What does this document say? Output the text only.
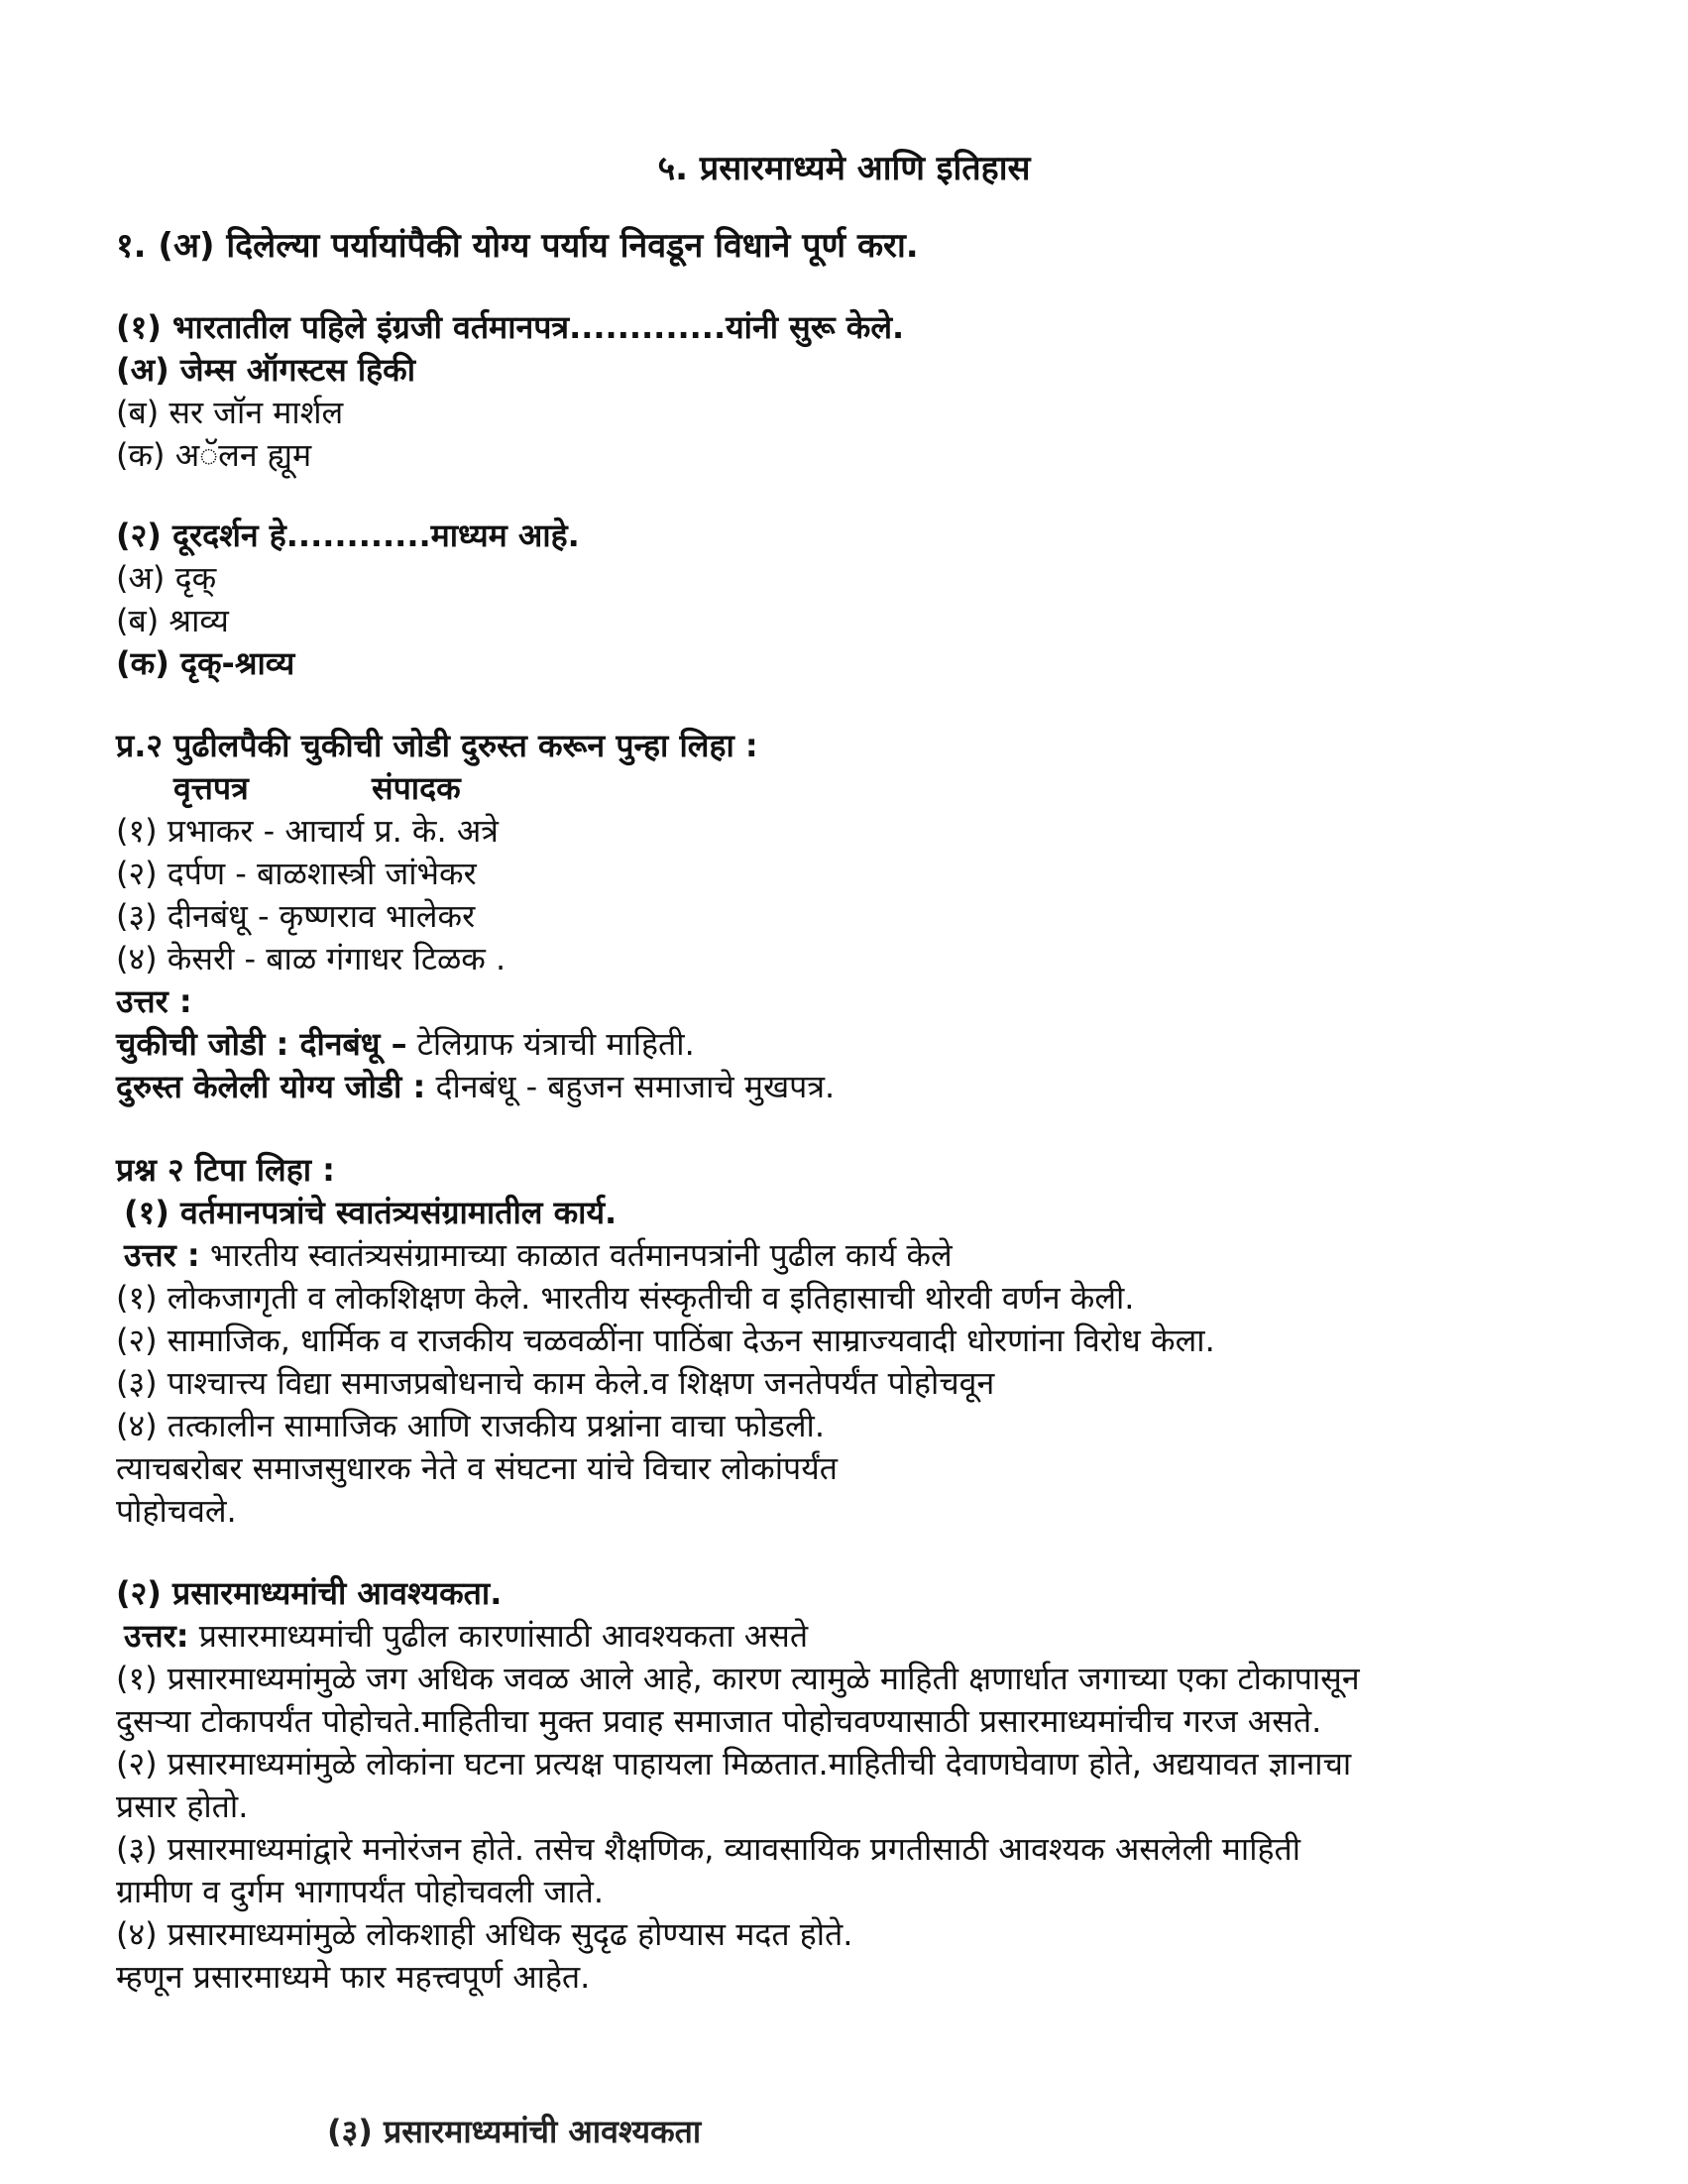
५. प्रसारमाध्यमे आणि इतिहास

१. (अ) दिलेल्या पर्यायांपैकी योग्य पर्याय निवडून विधाने पूर्ण करा.

(१) भारतातील पहिले इंग्रजी वर्तमानपत्र.............यांनी सुरू केले.

(अ) जेम्स ऑगस्टस हिकी

(ब) सर जॉन मार्शल

(क) अॅलन ह्यूम

(२) दूरदर्शन हे............माध्यम आहे.

(अ) दृक्

(ब) श्राव्य

(क) दृक्-श्राव्य

प्र.२ पुढीलपैकी चुकीची जोडी दुरुस्त करून पुन्हा लिहा :

वृत्तपत्र	संपादक

(१) प्रभाकर - आचार्य प्र. के. अत्रे

(२) दर्पण - बाळशास्त्री जांभेकर

(३) दीनबंधू - कृष्णराव भालेकर

(४) केसरी - बाळ गंगाधर टिळक .

उत्तर :

चुकीची जोडी : दीनबंधू – टेलिग्राफ यंत्राची माहिती.

दुरुस्त केलेली योग्य जोडी : दीनबंधू - बहुजन समाजाचे मुखपत्र.

प्रश्न २ टिपा लिहा :

(१) वर्तमानपत्रांचे स्वातंत्र्यसंग्रामातील कार्य.

उत्तर : भारतीय स्वातंत्र्यसंग्रामाच्या काळात वर्तमानपत्रांनी पुढील कार्य केले

(१) लोकजागृती व लोकशिक्षण केले. भारतीय संस्कृतीची व इतिहासाची थोरवी वर्णन केली.

(२) सामाजिक, धार्मिक व राजकीय चळवळींना पाठिंबा देऊन साम्राज्यवादी धोरणांना विरोध केला.

(३) पाश्चात्त्य विद्या समाजप्रबोधनाचे काम केले.व शिक्षण जनतेपर्यंत पोहोचवून

(४) तत्कालीन सामाजिक आणि राजकीय प्रश्नांना वाचा फोडली.

त्याचबरोबर समाजसुधारक नेते व संघटना यांचे विचार लोकांपर्यंत

पोहोचवले.

(२) प्रसारमाध्यमांची आवश्यकता.

उत्तर: प्रसारमाध्यमांची पुढील कारणांसाठी आवश्यकता असते

(१) प्रसारमाध्यमांमुळे जग अधिक जवळ आले आहे, कारण त्यामुळे माहिती क्षणार्धात जगाच्या एका टोकापासून

दुसऱ्या टोकापर्यंत पोहोचते.माहितीचा मुक्त प्रवाह समाजात पोहोचवण्यासाठी प्रसारमाध्यमांचीच गरज असते.

(२) प्रसारमाध्यमांमुळे लोकांना घटना प्रत्यक्ष पाहायला मिळतात.माहितीची देवाणघेवाण होते, अद्ययावत ज्ञानाचा

प्रसार होतो.

(३) प्रसारमाध्यमांद्वारे मनोरंजन होते. तसेच शैक्षणिक, व्यावसायिक प्रगतीसाठी आवश्यक असलेली माहिती

ग्रामीण व दुर्गम भागापर्यंत पोहोचवली जाते.

(४) प्रसारमाध्यमांमुळे लोकशाही अधिक सुदृढ होण्यास मदत होते.

म्हणून प्रसारमाध्यमे फार महत्त्वपूर्ण आहेत.

(३) प्रसारमाध्यमांची आवश्यकता
